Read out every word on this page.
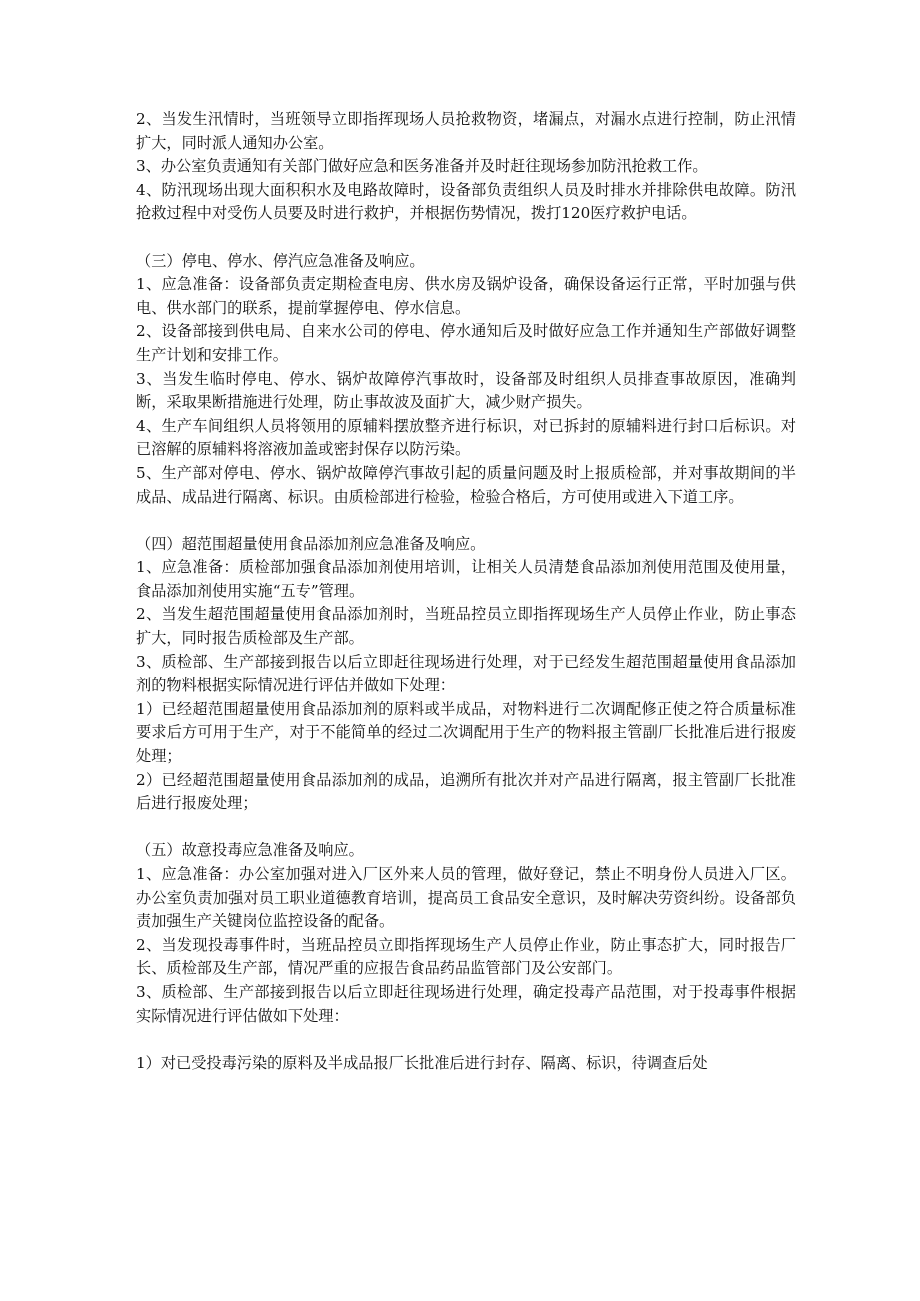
2、当发生汛情时，当班领导立即指挥现场人员抢救物资，堵漏点，对漏水点进行控制，防止汛情扩大，同时派人通知办公室。

3、办公室负责通知有关部门做好应急和医务准备并及时赶往现场参加防汛抢救工作。

4、防汛现场出现大面积积水及电路故障时，设备部负责组织人员及时排水并排除供电故障。防汛抢救过程中对受伤人员要及时进行救护，并根据伤势情况，拨打120医疗救护电话。

（三）停电、停水、停汽应急准备及响应。

1、应急准备：设备部负责定期检查电房、供水房及锅炉设备，确保设备运行正常，平时加强与供电、供水部门的联系，提前掌握停电、停水信息。

2、设备部接到供电局、自来水公司的停电、停水通知后及时做好应急工作并通知生产部做好调整生产计划和安排工作。

3、当发生临时停电、停水、锅炉故障停汽事故时，设备部及时组织人员排查事故原因，准确判断，采取果断措施进行处理，防止事故波及面扩大，减少财产损失。

4、生产车间组织人员将领用的原辅料摆放整齐进行标识，对已拆封的原辅料进行封口后标识。对已溶解的原辅料将溶液加盖或密封保存以防污染。

5、生产部对停电、停水、锅炉故障停汽事故引起的质量问题及时上报质检部，并对事故期间的半成品、成品进行隔离、标识。由质检部进行检验，检验合格后，方可使用或进入下道工序。

（四）超范围超量使用食品添加剂应急准备及响应。

1、应急准备：质检部加强食品添加剂使用培训，让相关人员清楚食品添加剂使用范围及使用量，食品添加剂使用实施“五专”管理。

2、当发生超范围超量使用食品添加剂时，当班品控员立即指挥现场生产人员停止作业，防止事态扩大，同时报告质检部及生产部。

3、质检部、生产部接到报告以后立即赶往现场进行处理，对于已经发生超范围超量使用食品添加剂的物料根据实际情况进行评估并做如下处理：

1）已经超范围超量使用食品添加剂的原料或半成品，对物料进行二次调配修正使之符合质量标准要求后方可用于生产，对于不能简单的经过二次调配用于生产的物料报主管副厂长批准后进行报废处理；

2）已经超范围超量使用食品添加剂的成品，追溯所有批次并对产品进行隔离，报主管副厂长批准后进行报废处理；

（五）故意投毒应急准备及响应。

1、应急准备：办公室加强对进入厂区外来人员的管理，做好登记，禁止不明身份人员进入厂区。办公室负责加强对员工职业道德教育培训，提高员工食品安全意识，及时解决劳资纠纷。设备部负责加强生产关键岗位监控设备的配备。

2、当发现投毒事件时，当班品控员立即指挥现场生产人员停止作业，防止事态扩大，同时报告厂长、质检部及生产部，情况严重的应报告食品药品监管部门及公安部门。

3、质检部、生产部接到报告以后立即赶往现场进行处理，确定投毒产品范围，对于投毒事件根据实际情况进行评估做如下处理：

1）对已受投毒污染的原料及半成品报厂长批准后进行封存、隔离、标识，待调查后处
